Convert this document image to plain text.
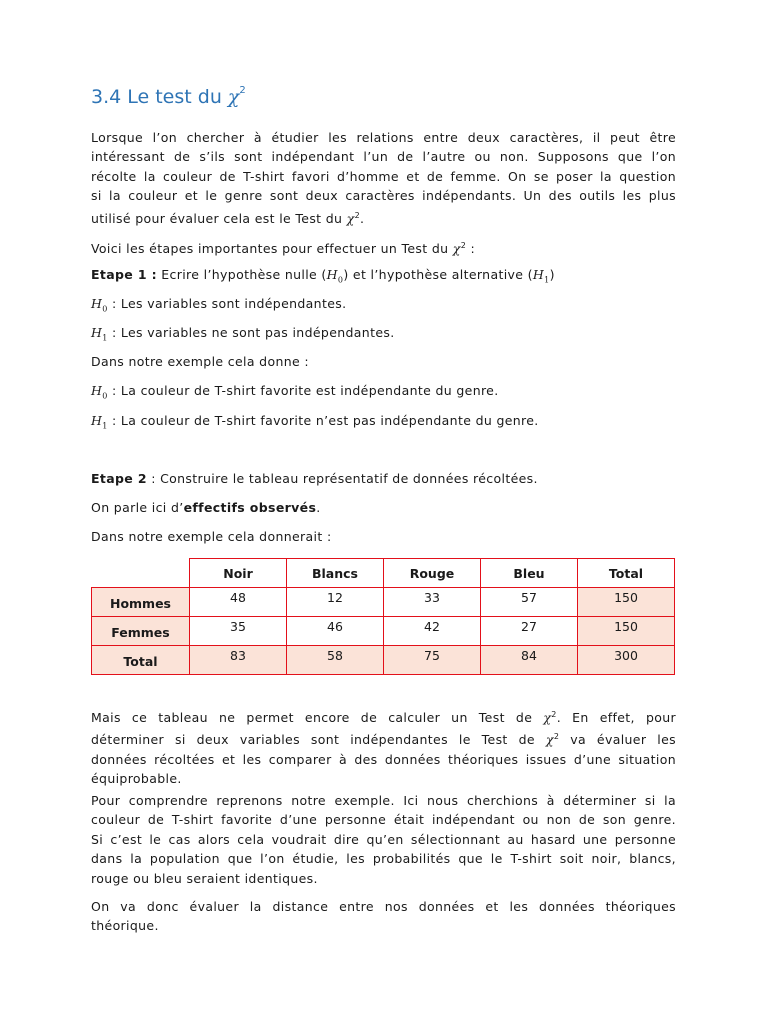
3.4 Le test du $\chi^2$
Lorsque l’on chercher à étudier les relations entre deux caractères, il peut être
intéressant de s’ils sont indépendant l’un de l’autre ou non. Supposons que l’on
récolte la couleur de T-shirt favori d’homme et de femme. On se poser la question
si la couleur et le genre sont deux caractères indépendants. Un des outils les plus
utilisé pour évaluer cela est le Test du $\chi^2$.
Voici les étapes importantes pour effectuer un Test du $\chi^2$ :
Etape 1 : Ecrire l’hypothèse nulle $(H_0)$ et l’hypothèse alternative $(H_1)$
$H_0$ : Les variables sont indépendantes.
$H_1$ : Les variables ne sont pas indépendantes.
Dans notre exemple cela donne :
$H_0$ : La couleur de T-shirt favorite est indépendante du genre.
$H_1$ : La couleur de T-shirt favorite n’est pas indépendante du genre.
Etape 2 : Construire le tableau représentatif de données récoltées.
On parle ici d’effectifs observés.
Dans notre exemple cela donnerait :
	Noir	Blancs	Rouge	Bleu	Total
Hommes	48	12	33	57	150
Femmes	35	46	42	27	150
Total	83	58	75	84	300
Mais ce tableau ne permet encore de calculer un Test de $\chi^2$. En effet, pour
déterminer si deux variables sont indépendantes le Test de $\chi^2$ va évaluer les
données récoltées et les comparer à des données théoriques issues d’une situation
équiprobable.
Pour comprendre reprenons notre exemple. Ici nous cherchions à déterminer si la
couleur de T-shirt favorite d’une personne était indépendant ou non de son genre.
Si c’est le cas alors cela voudrait dire qu’en sélectionnant au hasard une personne
dans la population que l’on étudie, les probabilités que le T-shirt soit noir, blancs,
rouge ou bleu seraient identiques.
On va donc évaluer la distance entre nos données et les données théoriques
théorique.
